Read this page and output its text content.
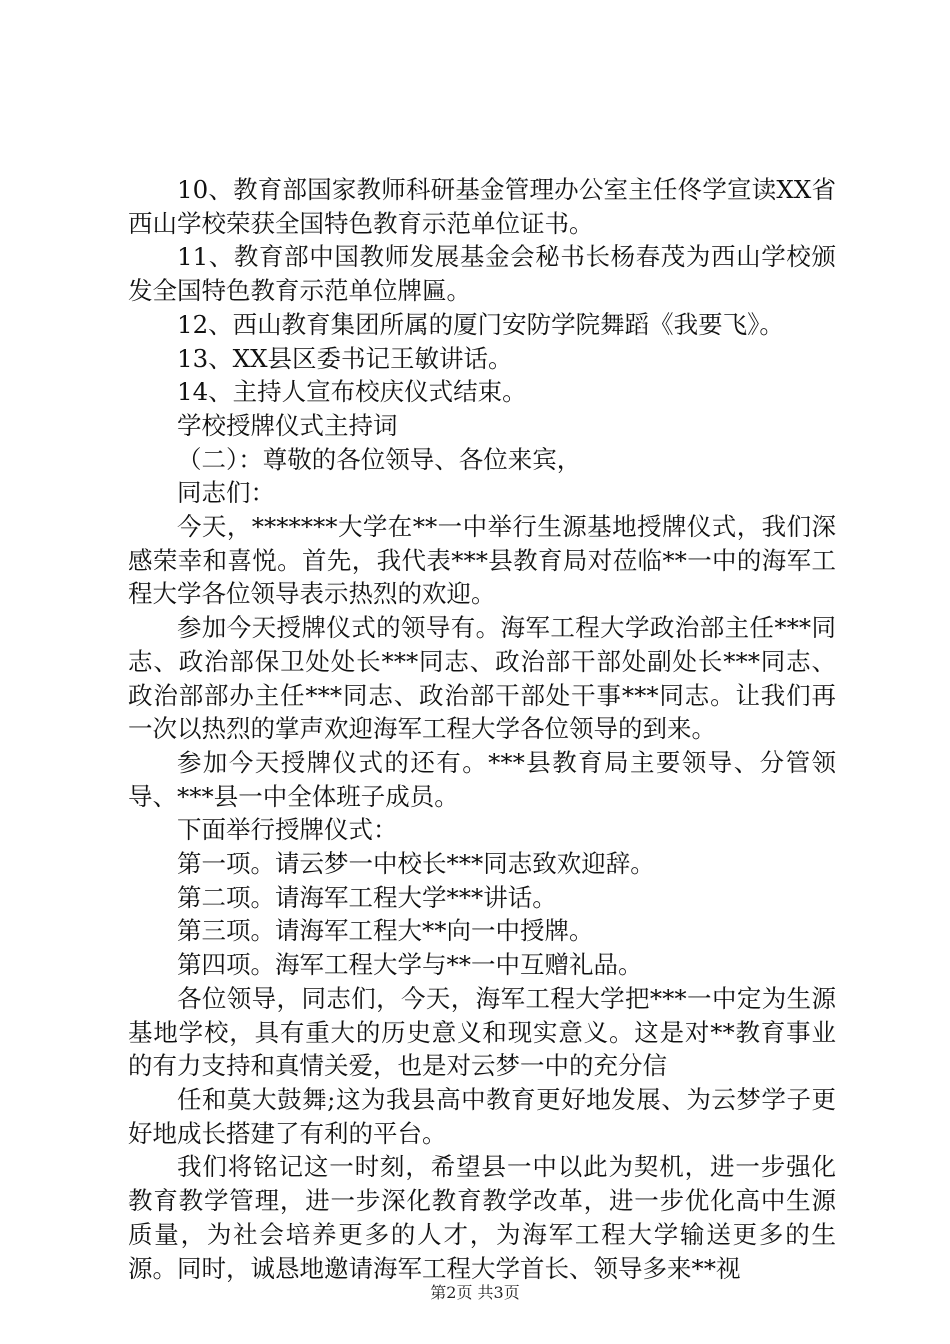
10、教育部国家教师科研基金管理办公室主任佟学宣读XX省西山学校荣获全国特色教育示范单位证书。

11、教育部中国教师发展基金会秘书长杨春茂为西山学校颁发全国特色教育示范单位牌匾。

12、西山教育集团所属的厦门安防学院舞蹈《我要飞》。

13、XX县区委书记王敏讲话。

14、主持人宣布校庆仪式结束。

学校授牌仪式主持词

（二）：尊敬的各位领导、各位来宾，

同志们：

今天，*******大学在**一中举行生源基地授牌仪式，我们深感荣幸和喜悦。首先，我代表***县教育局对莅临**一中的海军工程大学各位领导表示热烈的欢迎。

参加今天授牌仪式的领导有。海军工程大学政治部主任***同志、政治部保卫处处长***同志、政治部干部处副处长***同志、政治部部办主任***同志、政治部干部处干事***同志。让我们再一次以热烈的掌声欢迎海军工程大学各位领导的到来。

参加今天授牌仪式的还有。***县教育局主要领导、分管领导、***县一中全体班子成员。

下面举行授牌仪式：

第一项。请云梦一中校长***同志致欢迎辞。

第二项。请海军工程大学***讲话。

第三项。请海军工程大**向一中授牌。

第四项。海军工程大学与**一中互赠礼品。

各位领导，同志们，今天，海军工程大学把***一中定为生源基地学校，具有重大的历史意义和现实意义。这是对**教育事业的有力支持和真情关爱，也是对云梦一中的充分信

任和莫大鼓舞;这为我县高中教育更好地发展、为云梦学子更好地成长搭建了有利的平台。

我们将铭记这一时刻，希望县一中以此为契机，进一步强化教育教学管理，进一步深化教育教学改革，进一步优化高中生源质量，为社会培养更多的人才，为海军工程大学输送更多的生源。同时，诚恳地邀请海军工程大学首长、领导多来**视

第2页 共3页
